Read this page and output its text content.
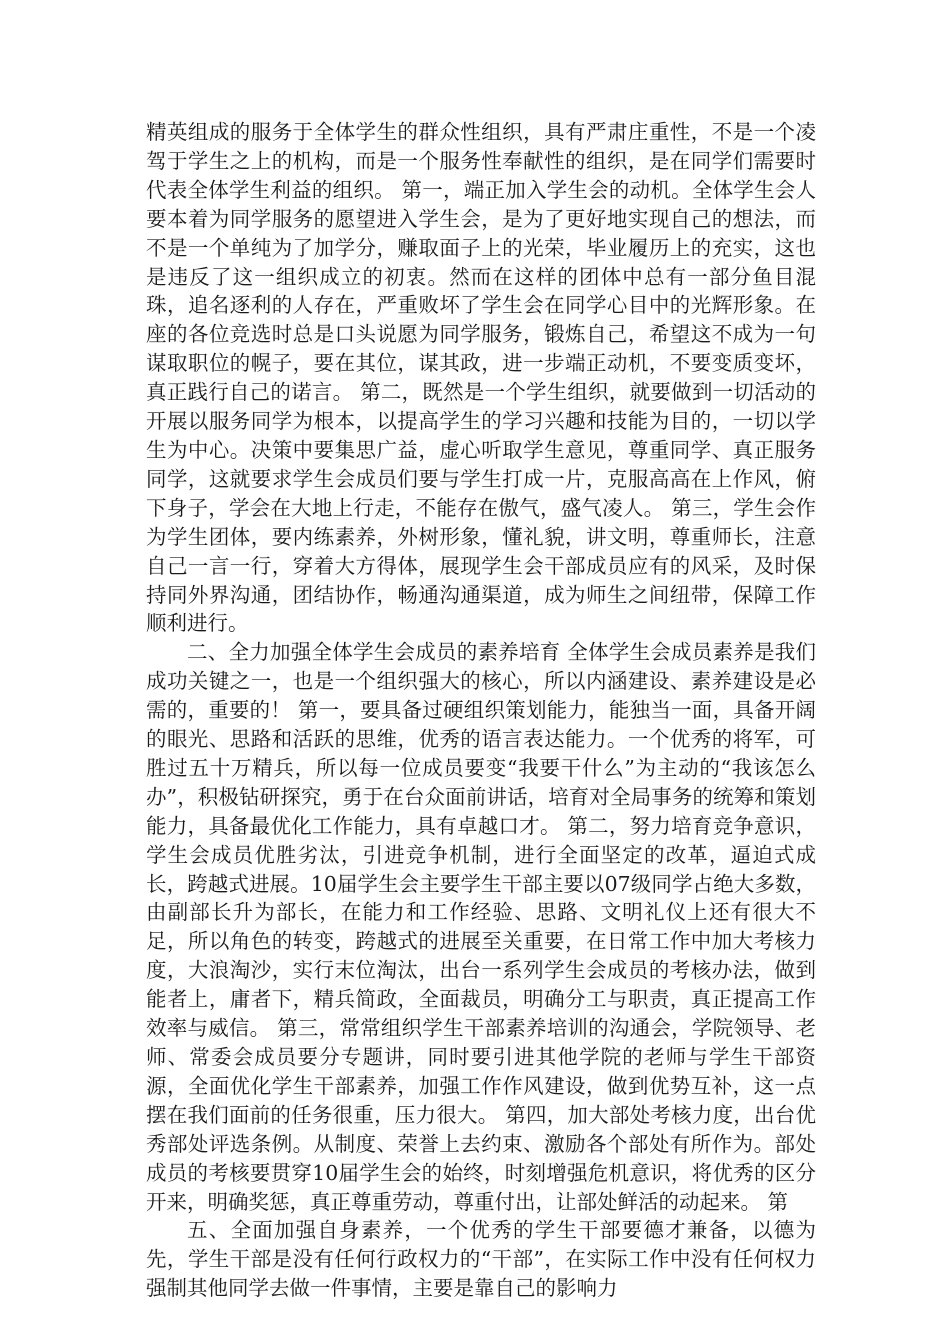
精英组成的服务于全体学生的群众性组织，具有严肃庄重性，不是一个凌驾于学生之上的机构，而是一个服务性奉献性的组织，是在同学们需要时代表全体学生利益的组织。 第一，端正加入学生会的动机。全体学生会人要本着为同学服务的愿望进入学生会，是为了更好地实现自己的想法，而不是一个单纯为了加学分，赚取面子上的光荣，毕业履历上的充实，这也是违反了这一组织成立的初衷。然而在这样的团体中总有一部分鱼目混珠，追名逐利的人存在，严重败坏了学生会在同学心目中的光辉形象。在座的各位竞选时总是口头说愿为同学服务，锻炼自己，希望这不成为一句谋取职位的幌子，要在其位，谋其政，进一步端正动机，不要变质变坏，真正践行自己的诺言。 第二，既然是一个学生组织，就要做到一切活动的开展以服务同学为根本，以提高学生的学习兴趣和技能为目的，一切以学生为中心。决策中要集思广益，虚心听取学生意见，尊重同学、真正服务同学，这就要求学生会成员们要与学生打成一片，克服高高在上作风，俯下身子，学会在大地上行走，不能存在傲气，盛气凌人。 第三，学生会作为学生团体，要内练素养，外树形象，懂礼貌，讲文明，尊重师长，注意自己一言一行，穿着大方得体，展现学生会干部成员应有的风采，及时保持同外界沟通，团结协作，畅通沟通渠道，成为师生之间纽带，保障工作顺利进行。

二、全力加强全体学生会成员的素养培育 全体学生会成员素养是我们成功关键之一，也是一个组织强大的核心，所以内涵建设、素养建设是必需的，重要的！ 第一，要具备过硬组织策划能力，能独当一面，具备开阔的眼光、思路和活跃的思维，优秀的语言表达能力。一个优秀的将军，可胜过五十万精兵，所以每一位成员要变“我要干什么”为主动的“我该怎么办”，积极钻研探究，勇于在台众面前讲话，培育对全局事务的统筹和策划能力，具备最优化工作能力，具有卓越口才。 第二，努力培育竞争意识，学生会成员优胜劣汰，引进竞争机制，进行全面坚定的改革，逼迫式成长，跨越式进展。10届学生会主要学生干部主要以07级同学占绝大多数，由副部长升为部长，在能力和工作经验、思路、文明礼仪上还有很大不足，所以角色的转变，跨越式的进展至关重要，在日常工作中加大考核力度，大浪淘沙，实行末位淘汰，出台一系列学生会成员的考核办法，做到能者上，庸者下，精兵简政，全面裁员，明确分工与职责，真正提高工作效率与威信。 第三，常常组织学生干部素养培训的沟通会，学院领导、老师、常委会成员要分专题讲，同时要引进其他学院的老师与学生干部资源，全面优化学生干部素养，加强工作作风建设，做到优势互补，这一点摆在我们面前的任务很重，压力很大。 第四，加大部处考核力度，出台优秀部处评选条例。从制度、荣誉上去约束、激励各个部处有所作为。部处成员的考核要贯穿10届学生会的始终，时刻增强危机意识，将优秀的区分开来，明确奖惩，真正尊重劳动，尊重付出，让部处鲜活的动起来。 第

五、全面加强自身素养，一个优秀的学生干部要德才兼备，以德为先，学生干部是没有任何行政权力的“干部”，在实际工作中没有任何权力强制其他同学去做一件事情，主要是靠自己的影响力
